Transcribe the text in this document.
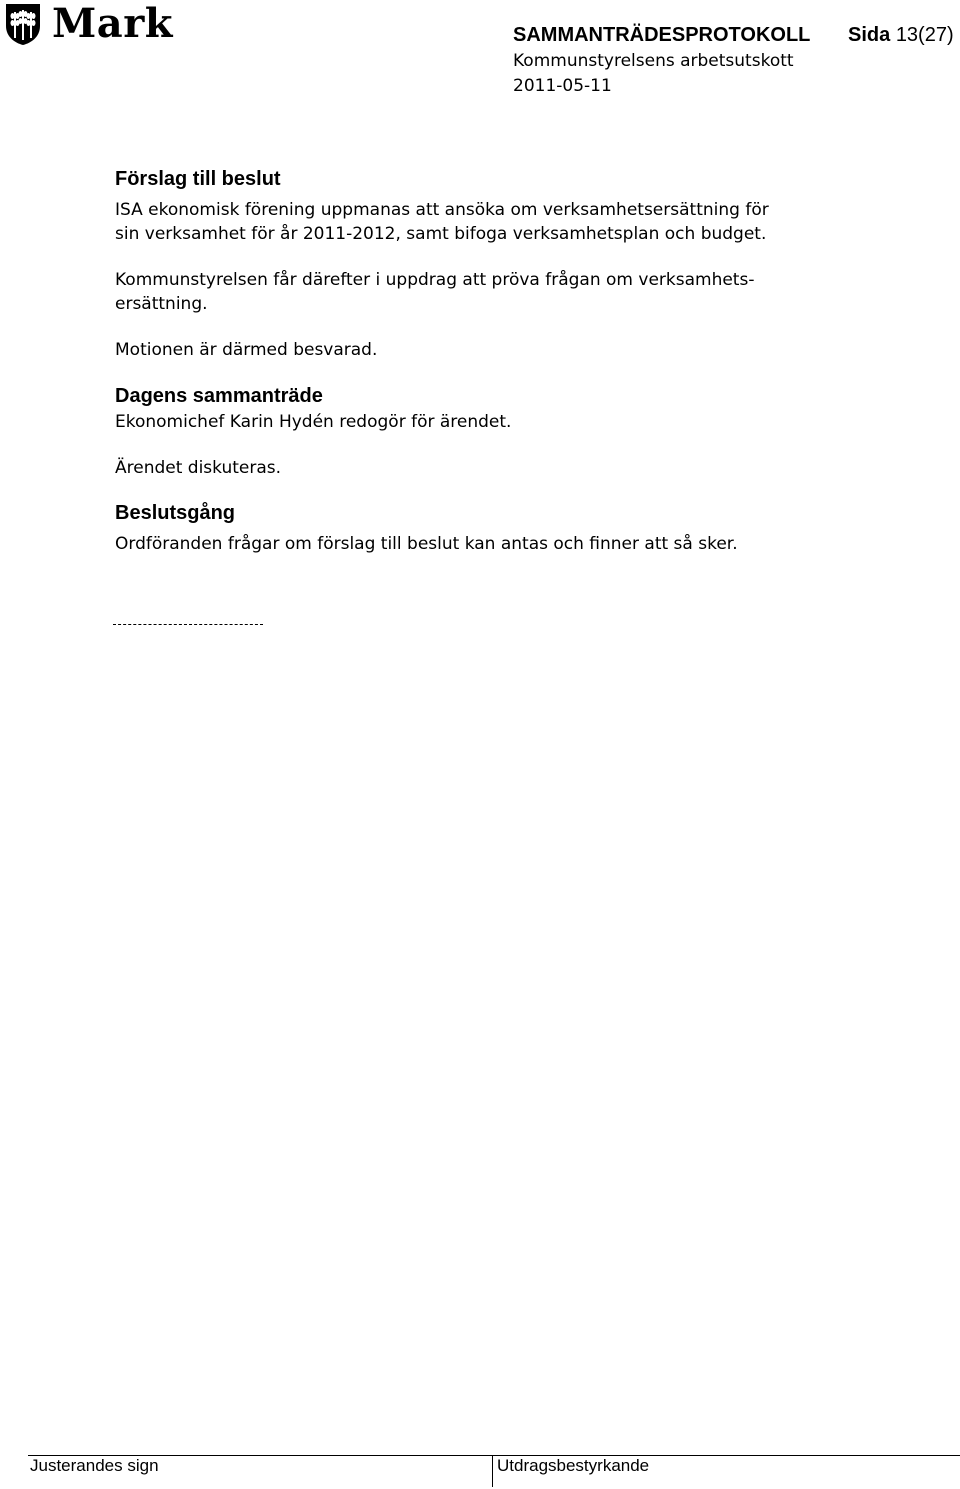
Mark	SAMMANTRÄDESPROTOKOLL Sida 13(27)
Kommunstyrelsens arbetsutskott
2011-05-11
Förslag till beslut
ISA ekonomisk förening uppmanas att ansöka om verksamhetsersättning för
sin verksamhet för år 2011-2012, samt bifoga verksamhetsplan och budget.
Kommunstyrelsen får därefter i uppdrag att pröva frågan om verksamhets-
ersättning.
Motionen är därmed besvarad.
Dagens sammanträde
Ekonomichef Karin Hydén redogör för ärendet.
Ärendet diskuteras.
Beslutsgång
Ordföranden frågar om förslag till beslut kan antas och finner att så sker.
Justerandes sign	Utdragsbestyrkande
